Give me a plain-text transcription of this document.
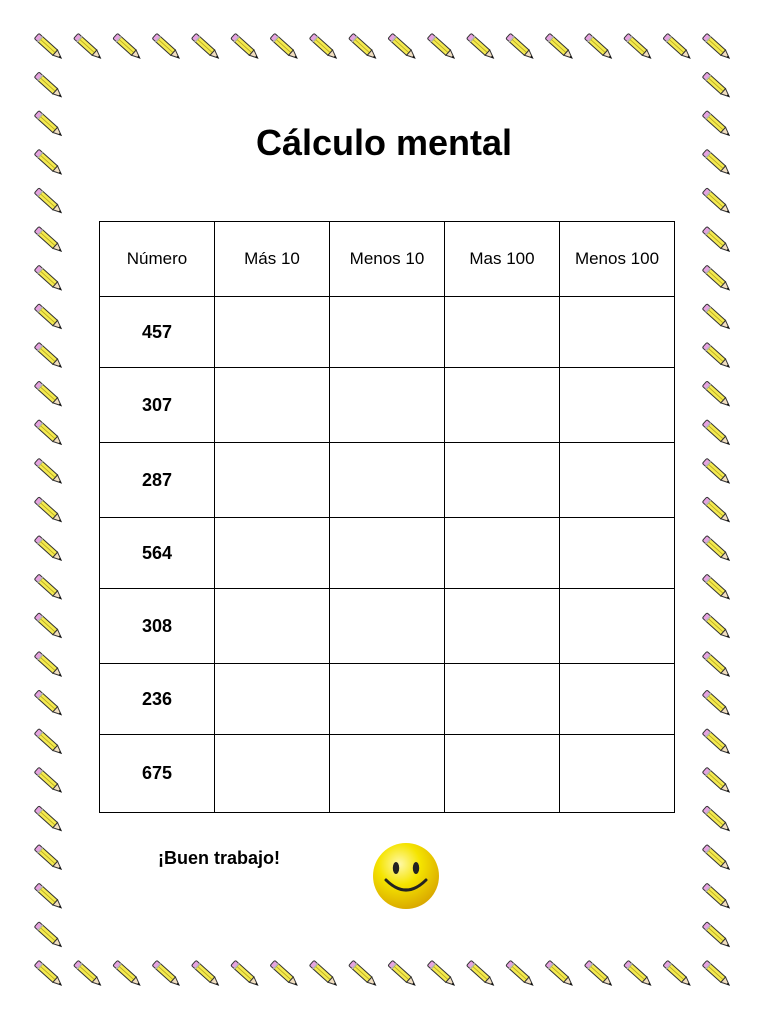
Cálculo mental
Número	Más 10	Menos 10	Mas 100	Menos 100
457				
307				
287				
564				
308				
236				
675				
¡Buen trabajo!
